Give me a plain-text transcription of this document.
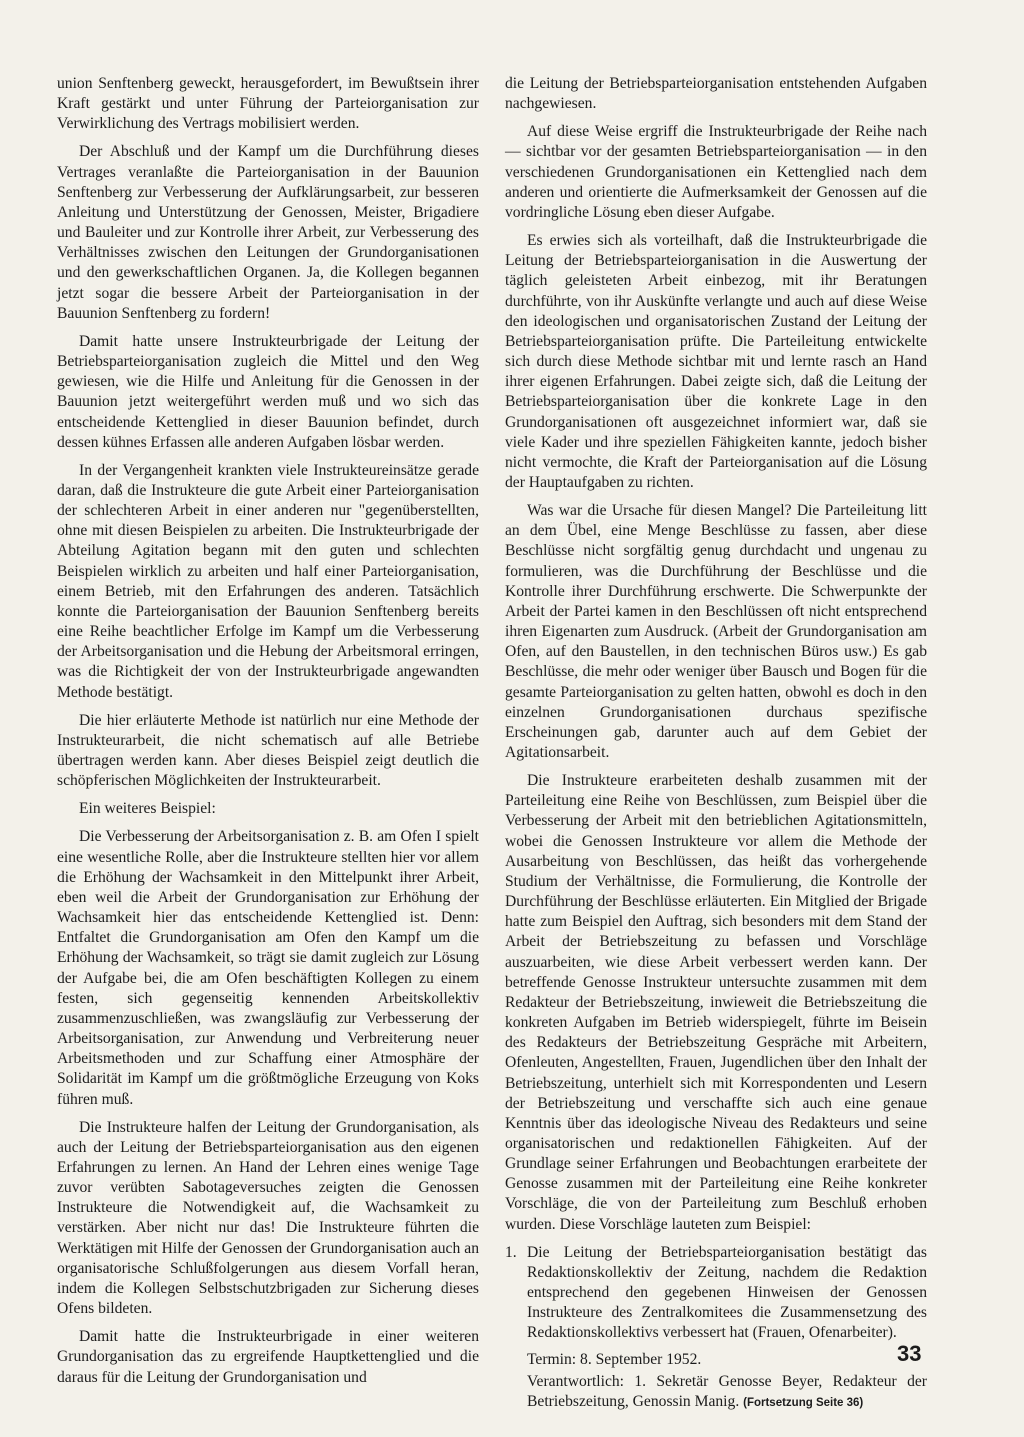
union Senftenberg geweckt, herausgefordert, im Bewußtsein ihrer Kraft gestärkt und unter Führung der Parteiorganisation zur Verwirklichung des Vertrags mobilisiert werden.

Der Abschluß und der Kampf um die Durchführung dieses Vertrages veranlaßte die Parteiorganisation in der Bauunion Senftenberg zur Verbesserung der Aufklärungsarbeit, zur besseren Anleitung und Unterstützung der Genossen, Meister, Brigadiere und Bauleiter und zur Kontrolle ihrer Arbeit, zur Verbesserung des Verhältnisses zwischen den Leitungen der Grundorganisationen und den gewerkschaftlichen Organen. Ja, die Kollegen begannen jetzt sogar die bessere Arbeit der Parteiorganisation in der Bauunion Senftenberg zu fordern!

Damit hatte unsere Instrukteurbrigade der Leitung der Betriebsparteiorganisation zugleich die Mittel und den Weg gewiesen, wie die Hilfe und Anleitung für die Genossen in der Bauunion jetzt weitergeführt werden muß und wo sich das entscheidende Kettenglied in dieser Bauunion befindet, durch dessen kühnes Erfassen alle anderen Aufgaben lösbar werden.

In der Vergangenheit krankten viele Instrukteureinsätze gerade daran, daß die Instrukteure die gute Arbeit einer Parteiorganisation der schlechteren Arbeit in einer anderen nur "gegenüberstellten, ohne mit diesen Beispielen zu arbeiten. Die Instrukteurbrigade der Abteilung Agitation begann mit den guten und schlechten Beispielen wirklich zu arbeiten und half einer Parteiorganisation, einem Betrieb, mit den Erfahrungen des anderen. Tatsächlich konnte die Parteiorganisation der Bauunion Senftenberg bereits eine Reihe beachtlicher Erfolge im Kampf um die Verbesserung der Arbeitsorganisation und die Hebung der Arbeitsmoral erringen, was die Richtigkeit der von der Instrukteurbrigade angewandten Methode bestätigt.

Die hier erläuterte Methode ist natürlich nur eine Methode der Instrukteurarbeit, die nicht schematisch auf alle Betriebe übertragen werden kann. Aber dieses Beispiel zeigt deutlich die schöpferischen Möglichkeiten der Instrukteurarbeit.

Ein weiteres Beispiel:

Die Verbesserung der Arbeitsorganisation z. B. am Ofen I spielt eine wesentliche Rolle, aber die Instrukteure stellten hier vor allem die Erhöhung der Wachsamkeit in den Mittelpunkt ihrer Arbeit, eben weil die Arbeit der Grundorganisation zur Erhöhung der Wachsamkeit hier das entscheidende Kettenglied ist. Denn: Entfaltet die Grundorganisation am Ofen den Kampf um die Erhöhung der Wachsamkeit, so trägt sie damit zugleich zur Lösung der Aufgabe bei, die am Ofen beschäftigten Kollegen zu einem festen, sich gegenseitig kennenden Arbeitskollektiv zusammenzuschließen, was zwangsläufig zur Verbesserung der Arbeitsorganisation, zur Anwendung und Verbreiterung neuer Arbeitsmethoden und zur Schaffung einer Atmosphäre der Solidarität im Kampf um die größtmögliche Erzeugung von Koks führen muß.

Die Instrukteure halfen der Leitung der Grundorganisation, als auch der Leitung der Betriebsparteiorganisation aus den eigenen Erfahrungen zu lernen. An Hand der Lehren eines wenige Tage zuvor verübten Sabotageversuches zeigten die Genossen Instrukteure die Notwendigkeit auf, die Wachsamkeit zu verstärken. Aber nicht nur das! Die Instrukteure führten die Werktätigen mit Hilfe der Genossen der Grundorganisation auch an organisatorische Schlußfolgerungen aus diesem Vorfall heran, indem die Kollegen Selbstschutzbrigaden zur Sicherung dieses Ofens bildeten.

Damit hatte die Instrukteurbrigade in einer weiteren Grundorganisation das zu ergreifende Hauptkettenglied und die daraus für die Leitung der Grundorganisation und

die Leitung der Betriebsparteiorganisation entstehenden Aufgaben nachgewiesen.

Auf diese Weise ergriff die Instrukteurbrigade der Reihe nach — sichtbar vor der gesamten Betriebsparteiorganisation — in den verschiedenen Grundorganisationen ein Kettenglied nach dem anderen und orientierte die Aufmerksamkeit der Genossen auf die vordringliche Lösung eben dieser Aufgabe.

Es erwies sich als vorteilhaft, daß die Instrukteurbrigade die Leitung der Betriebsparteiorganisation in die Auswertung der täglich geleisteten Arbeit einbezog, mit ihr Beratungen durchführte, von ihr Auskünfte verlangte und auch auf diese Weise den ideologischen und organisatorischen Zustand der Leitung der Betriebsparteiorganisation prüfte. Die Parteileitung entwickelte sich durch diese Methode sichtbar mit und lernte rasch an Hand ihrer eigenen Erfahrungen. Dabei zeigte sich, daß die Leitung der Betriebsparteiorganisation über die konkrete Lage in den Grundorganisationen oft ausgezeichnet informiert war, daß sie viele Kader und ihre speziellen Fähigkeiten kannte, jedoch bisher nicht vermochte, die Kraft der Parteiorganisation auf die Lösung der Hauptaufgaben zu richten.

Was war die Ursache für diesen Mangel? Die Parteileitung litt an dem Übel, eine Menge Beschlüsse zu fassen, aber diese Beschlüsse nicht sorgfältig genug durchdacht und ungenau zu formulieren, was die Durchführung der Beschlüsse und die Kontrolle ihrer Durchführung erschwerte. Die Schwerpunkte der Arbeit der Partei kamen in den Beschlüssen oft nicht entsprechend ihren Eigenarten zum Ausdruck. (Arbeit der Grundorganisation am Ofen, auf den Baustellen, in den technischen Büros usw.) Es gab Beschlüsse, die mehr oder weniger über Bausch und Bogen für die gesamte Parteiorganisation zu gelten hatten, obwohl es doch in den einzelnen Grundorganisationen durchaus spezifische Erscheinungen gab, darunter auch auf dem Gebiet der Agitationsarbeit.

Die Instrukteure erarbeiteten deshalb zusammen mit der Parteileitung eine Reihe von Beschlüssen, zum Beispiel über die Verbesserung der Arbeit mit den betrieblichen Agitationsmitteln, wobei die Genossen Instrukteure vor allem die Methode der Ausarbeitung von Beschlüssen, das heißt das vorhergehende Studium der Verhältnisse, die Formulierung, die Kontrolle der Durchführung der Beschlüsse erläuterten. Ein Mitglied der Brigade hatte zum Beispiel den Auftrag, sich besonders mit dem Stand der Arbeit der Betriebszeitung zu befassen und Vorschläge auszuarbeiten, wie diese Arbeit verbessert werden kann. Der betreffende Genosse Instrukteur untersuchte zusammen mit dem Redakteur der Betriebszeitung, inwieweit die Betriebszeitung die konkreten Aufgaben im Betrieb widerspiegelt, führte im Beisein des Redakteurs der Betriebszeitung Gespräche mit Arbeitern, Ofenleuten, Angestellten, Frauen, Jugendlichen über den Inhalt der Betriebszeitung, unterhielt sich mit Korrespondenten und Lesern der Betriebszeitung und verschaffte sich auch eine genaue Kenntnis über das ideologische Niveau des Redakteurs und seine organisatorischen und redaktionellen Fähigkeiten. Auf der Grundlage seiner Erfahrungen und Beobachtungen erarbeitete der Genosse zusammen mit der Parteileitung eine Reihe konkreter Vorschläge, die von der Parteileitung zum Beschluß erhoben wurden. Diese Vorschläge lauteten zum Beispiel:

1. Die Leitung der Betriebsparteiorganisation bestätigt das Redaktionskollektiv der Zeitung, nachdem die Redaktion entsprechend den gegebenen Hinweisen der Genossen Instrukteure des Zentralkomitees die Zusammensetzung des Redaktionskollektivs verbessert hat (Frauen, Ofenarbeiter).
Termin: 8. September 1952.
Verantwortlich: 1. Sekretär Genosse Beyer, Redakteur der Betriebszeitung, Genossin Manig. (Fortsetzung Seite 36)
33
